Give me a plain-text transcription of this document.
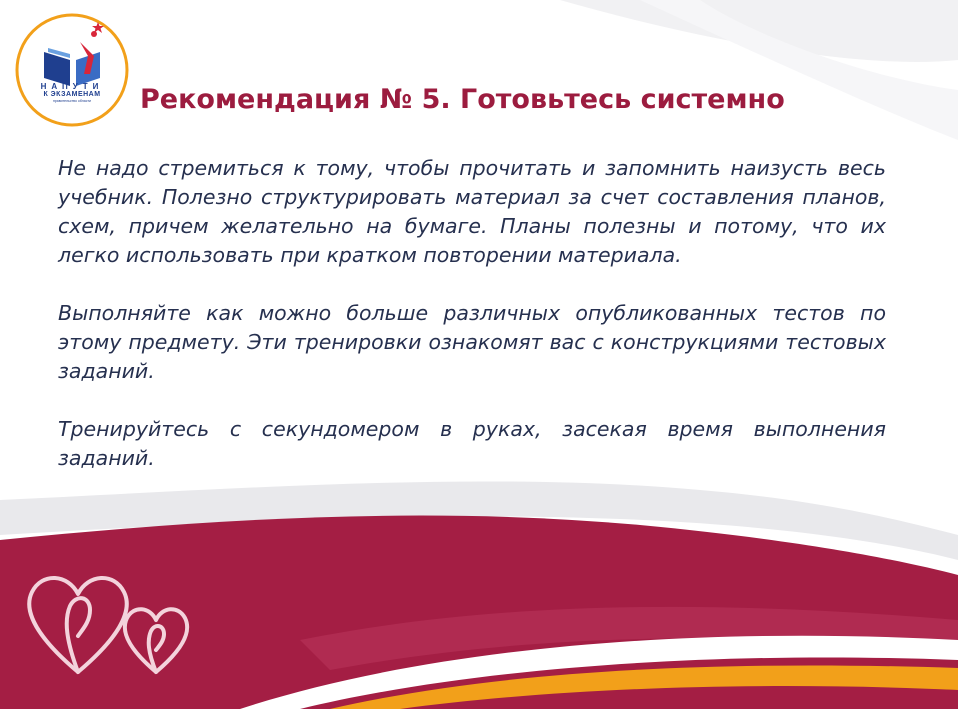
НАПУТИ
К ЭКЗАМЕНАМ
правительство области	Рекомендация № 5. Готовьтесь системно

Не надо стремиться к тому, чтобы прочитать и запомнить наизусть весь учебник. Полезно структурировать материал за счет составления планов, схем, причем желательно на бумаге. Планы полезны и потому, что их легко использовать при кратком повторении материала.

Выполняйте как можно больше различных опубликованных тестов по этому предмету. Эти тренировки ознакомят вас с конструкциями тестовых заданий.

Тренируйтесь с секундомером в руках, засекая время выполнения заданий.
